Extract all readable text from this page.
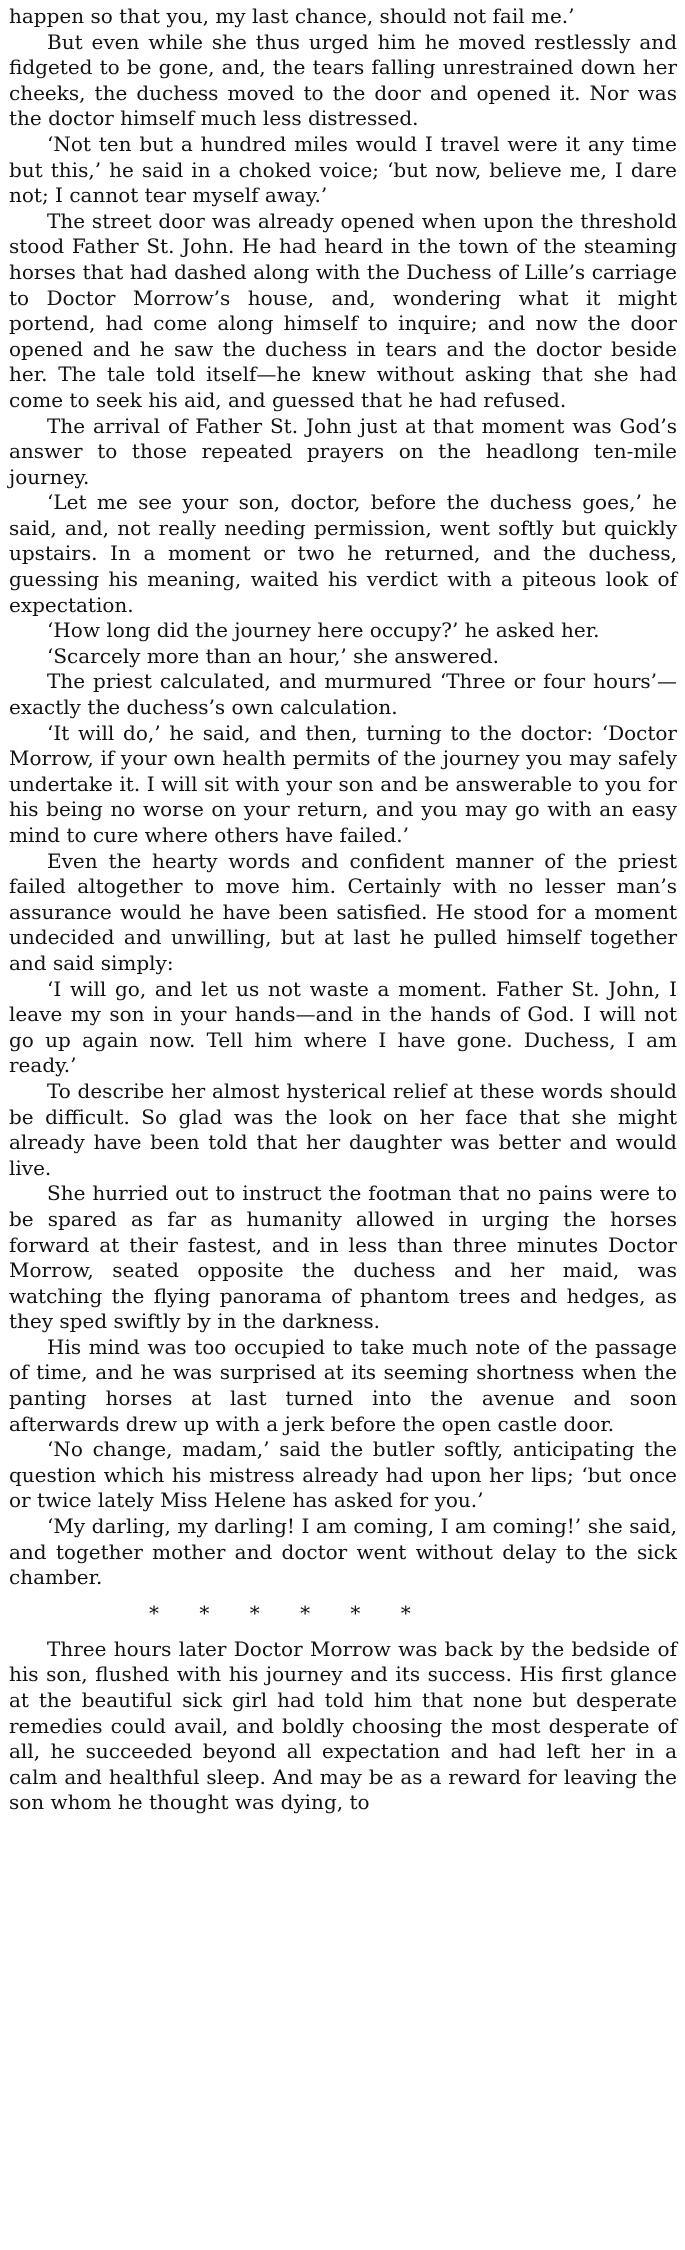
happen so that you, my last chance, should not fail me.’

But even while she thus urged him he moved restlessly and fidgeted to be gone, and, the tears falling unrestrained down her cheeks, the duchess moved to the door and opened it. Nor was the doctor himself much less distressed.

‘Not ten but a hundred miles would I travel were it any time but this,’ he said in a choked voice; ‘but now, believe me, I dare not; I cannot tear myself away.’

The street door was already opened when upon the threshold stood Father St. John. He had heard in the town of the steaming horses that had dashed along with the Duchess of Lille’s carriage to Doctor Morrow’s house, and, wondering what it might portend, had come along himself to inquire; and now the door opened and he saw the duchess in tears and the doctor beside her. The tale told itself—he knew without asking that she had come to seek his aid, and guessed that he had refused.

The arrival of Father St. John just at that moment was God’s answer to those repeated prayers on the headlong ten-mile journey.

‘Let me see your son, doctor, before the duchess goes,’ he said, and, not really needing permission, went softly but quickly upstairs. In a moment or two he returned, and the duchess, guessing his meaning, waited his verdict with a piteous look of expectation.

‘How long did the journey here occupy?’ he asked her.

‘Scarcely more than an hour,’ she answered.

The priest calculated, and murmured ‘Three or four hours’—exactly the duchess’s own calculation.

‘It will do,’ he said, and then, turning to the doctor: ‘Doctor Morrow, if your own health permits of the journey you may safely undertake it. I will sit with your son and be answerable to you for his being no worse on your return, and you may go with an easy mind to cure where others have failed.’

Even the hearty words and confident manner of the priest failed altogether to move him. Certainly with no lesser man’s assurance would he have been satisfied. He stood for a moment undecided and unwilling, but at last he pulled himself together and said simply:

‘I will go, and let us not waste a moment. Father St. John, I leave my son in your hands—and in the hands of God. I will not go up again now. Tell him where I have gone. Duchess, I am ready.’

To describe her almost hysterical relief at these words should be difficult. So glad was the look on her face that she might already have been told that her daughter was better and would live.

She hurried out to instruct the footman that no pains were to be spared as far as humanity allowed in urging the horses forward at their fastest, and in less than three minutes Doctor Morrow, seated opposite the duchess and her maid, was watching the flying panorama of phantom trees and hedges, as they sped swiftly by in the darkness.

His mind was too occupied to take much note of the passage of time, and he was surprised at its seeming shortness when the panting horses at last turned into the avenue and soon afterwards drew up with a jerk before the open castle door.

‘No change, madam,’ said the butler softly, anticipating the question which his mistress already had upon her lips; ‘but once or twice lately Miss Helene has asked for you.’

‘My darling, my darling! I am coming, I am coming!’ she said, and together mother and doctor went without delay to the sick chamber.

* * * * * *

Three hours later Doctor Morrow was back by the bedside of his son, flushed with his journey and its success. His first glance at the beautiful sick girl had told him that none but desperate remedies could avail, and boldly choosing the most desperate of all, he succeeded beyond all expectation and had left her in a calm and healthful sleep. And may be as a reward for leaving the son whom he thought was dying, to
